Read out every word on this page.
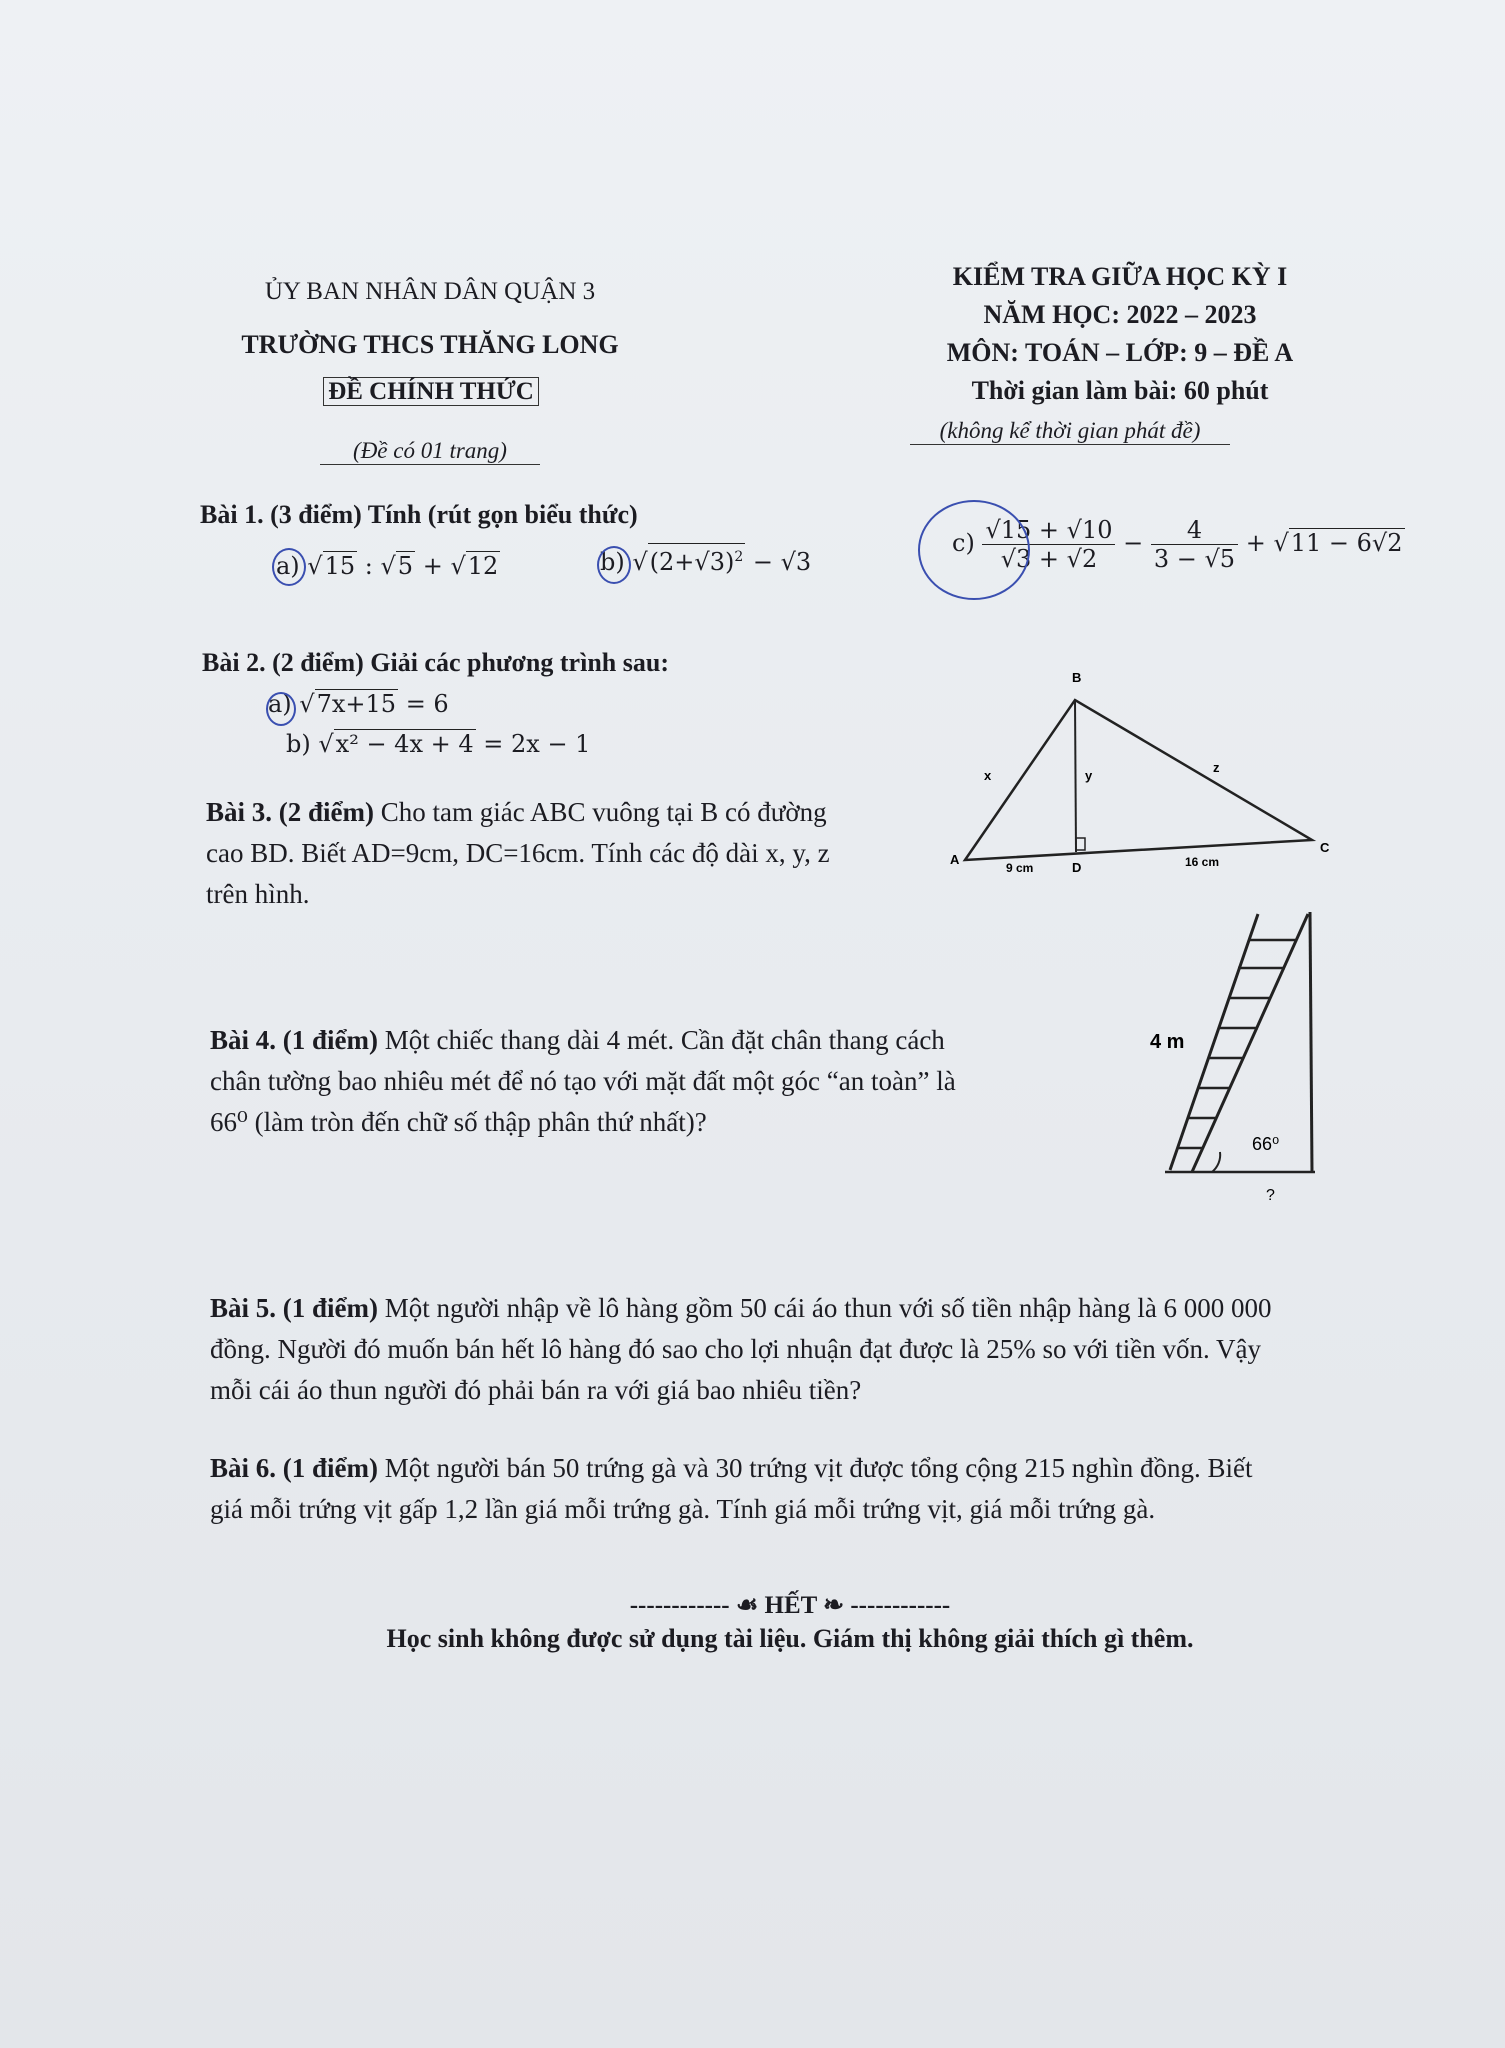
ỦY BAN NHÂN DÂN QUẬN 3
TRƯỜNG THCS THĂNG LONG
ĐỀ CHÍNH THỨC
(Đề có 01 trang)
KIỂM TRA GIỮA HỌC KỲ I
NĂM HỌC: 2022 – 2023
MÔN: TOÁN – LỚP: 9 – ĐỀ A
Thời gian làm bài: 60 phút
(không kể thời gian phát đề)
Bài 1. (3 điểm) Tính (rút gọn biểu thức)
a) √15 : √5 + √12	b) $√(2+√3)^2 - √3$
$c) \frac{√15 + √10}{√3 + √2} - \frac{4}{3 - √5} + √11 - 6√2$
Bài 2. (2 điểm) Giải các phương trình sau:
a) √7x+15 = 6
b) √x² − 4x + 4 = 2x − 1
Bài 3. (2 điểm) Cho tam giác ABC vuông tại B có đường
cao BD. Biết AD=9cm, DC=16cm. Tính các độ dài x, y, z
trên hình.
B
A
C
D
x	y
z
9 cm	16 cm
Bài 4. (1 điểm) Một chiếc thang dài 4 mét. Cần đặt chân thang cách
chân tường bao nhiêu mét để nó tạo với mặt đất một góc “an toàn” là
66⁰ (làm tròn đến chữ số thập phân thứ nhất)?
4 m
66⁰
?
Bài 5. (1 điểm) Một người nhập về lô hàng gồm 50 cái áo thun với số tiền nhập hàng là 6 000 000
đồng. Người đó muốn bán hết lô hàng đó sao cho lợi nhuận đạt được là 25% so với tiền vốn. Vậy
mỗi cái áo thun người đó phải bán ra với giá bao nhiêu tiền?
Bài 6. (1 điểm) Một người bán 50 trứng gà và 30 trứng vịt được tổng cộng 215 nghìn đồng. Biết
giá mỗi trứng vịt gấp 1,2 lần giá mỗi trứng gà. Tính giá mỗi trứng vịt, giá mỗi trứng gà.
------------ ☙ HẾT ❧ ------------
Học sinh không được sử dụng tài liệu. Giám thị không giải thích gì thêm.
